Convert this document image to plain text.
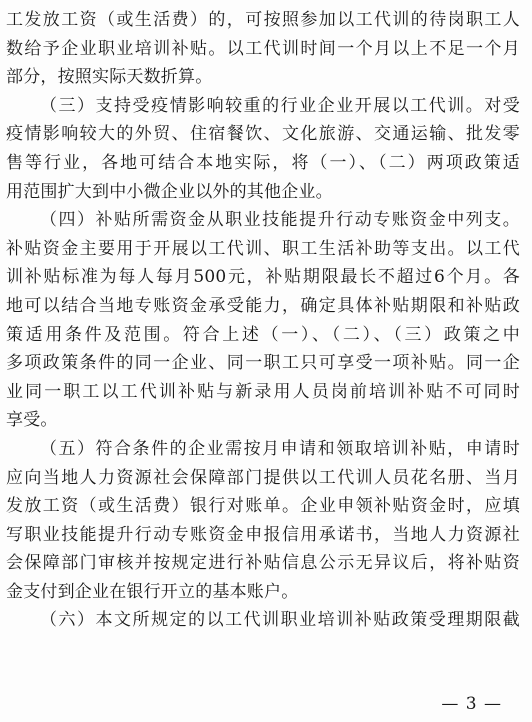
工发放工资（或生活费）的，可按照参加以工代训的待岗职工人
数给予企业职业培训补贴。以工代训时间一个月以上不足一个月
部分，按照实际天数折算。
（三）支持受疫情影响较重的行业企业开展以工代训。对受
疫情影响较大的外贸、住宿餐饮、文化旅游、交通运输、批发零
售等行业，各地可结合本地实际，将（一）、（二）两项政策适
用范围扩大到中小微企业以外的其他企业。
（四）补贴所需资金从职业技能提升行动专账资金中列支。
补贴资金主要用于开展以工代训、职工生活补助等支出。以工代
训补贴标准为每人每月500元，补贴期限最长不超过6个月。各
地可以结合当地专账资金承受能力，确定具体补贴期限和补贴政
策适用条件及范围。符合上述（一）、（二）、（三）政策之中
多项政策条件的同一企业、同一职工只可享受一项补贴。同一企
业同一职工以工代训补贴与新录用人员岗前培训补贴不可同时
享受。
（五）符合条件的企业需按月申请和领取培训补贴，申请时
应向当地人力资源社会保障部门提供以工代训人员花名册、当月
发放工资（或生活费）银行对账单。企业申领补贴资金时，应填
写职业技能提升行动专账资金申报信用承诺书，当地人力资源社
会保障部门审核并按规定进行补贴信息公示无异议后，将补贴资
金支付到企业在银行开立的基本账户。
（六）本文所规定的以工代训职业培训补贴政策受理期限截
— 3 —
